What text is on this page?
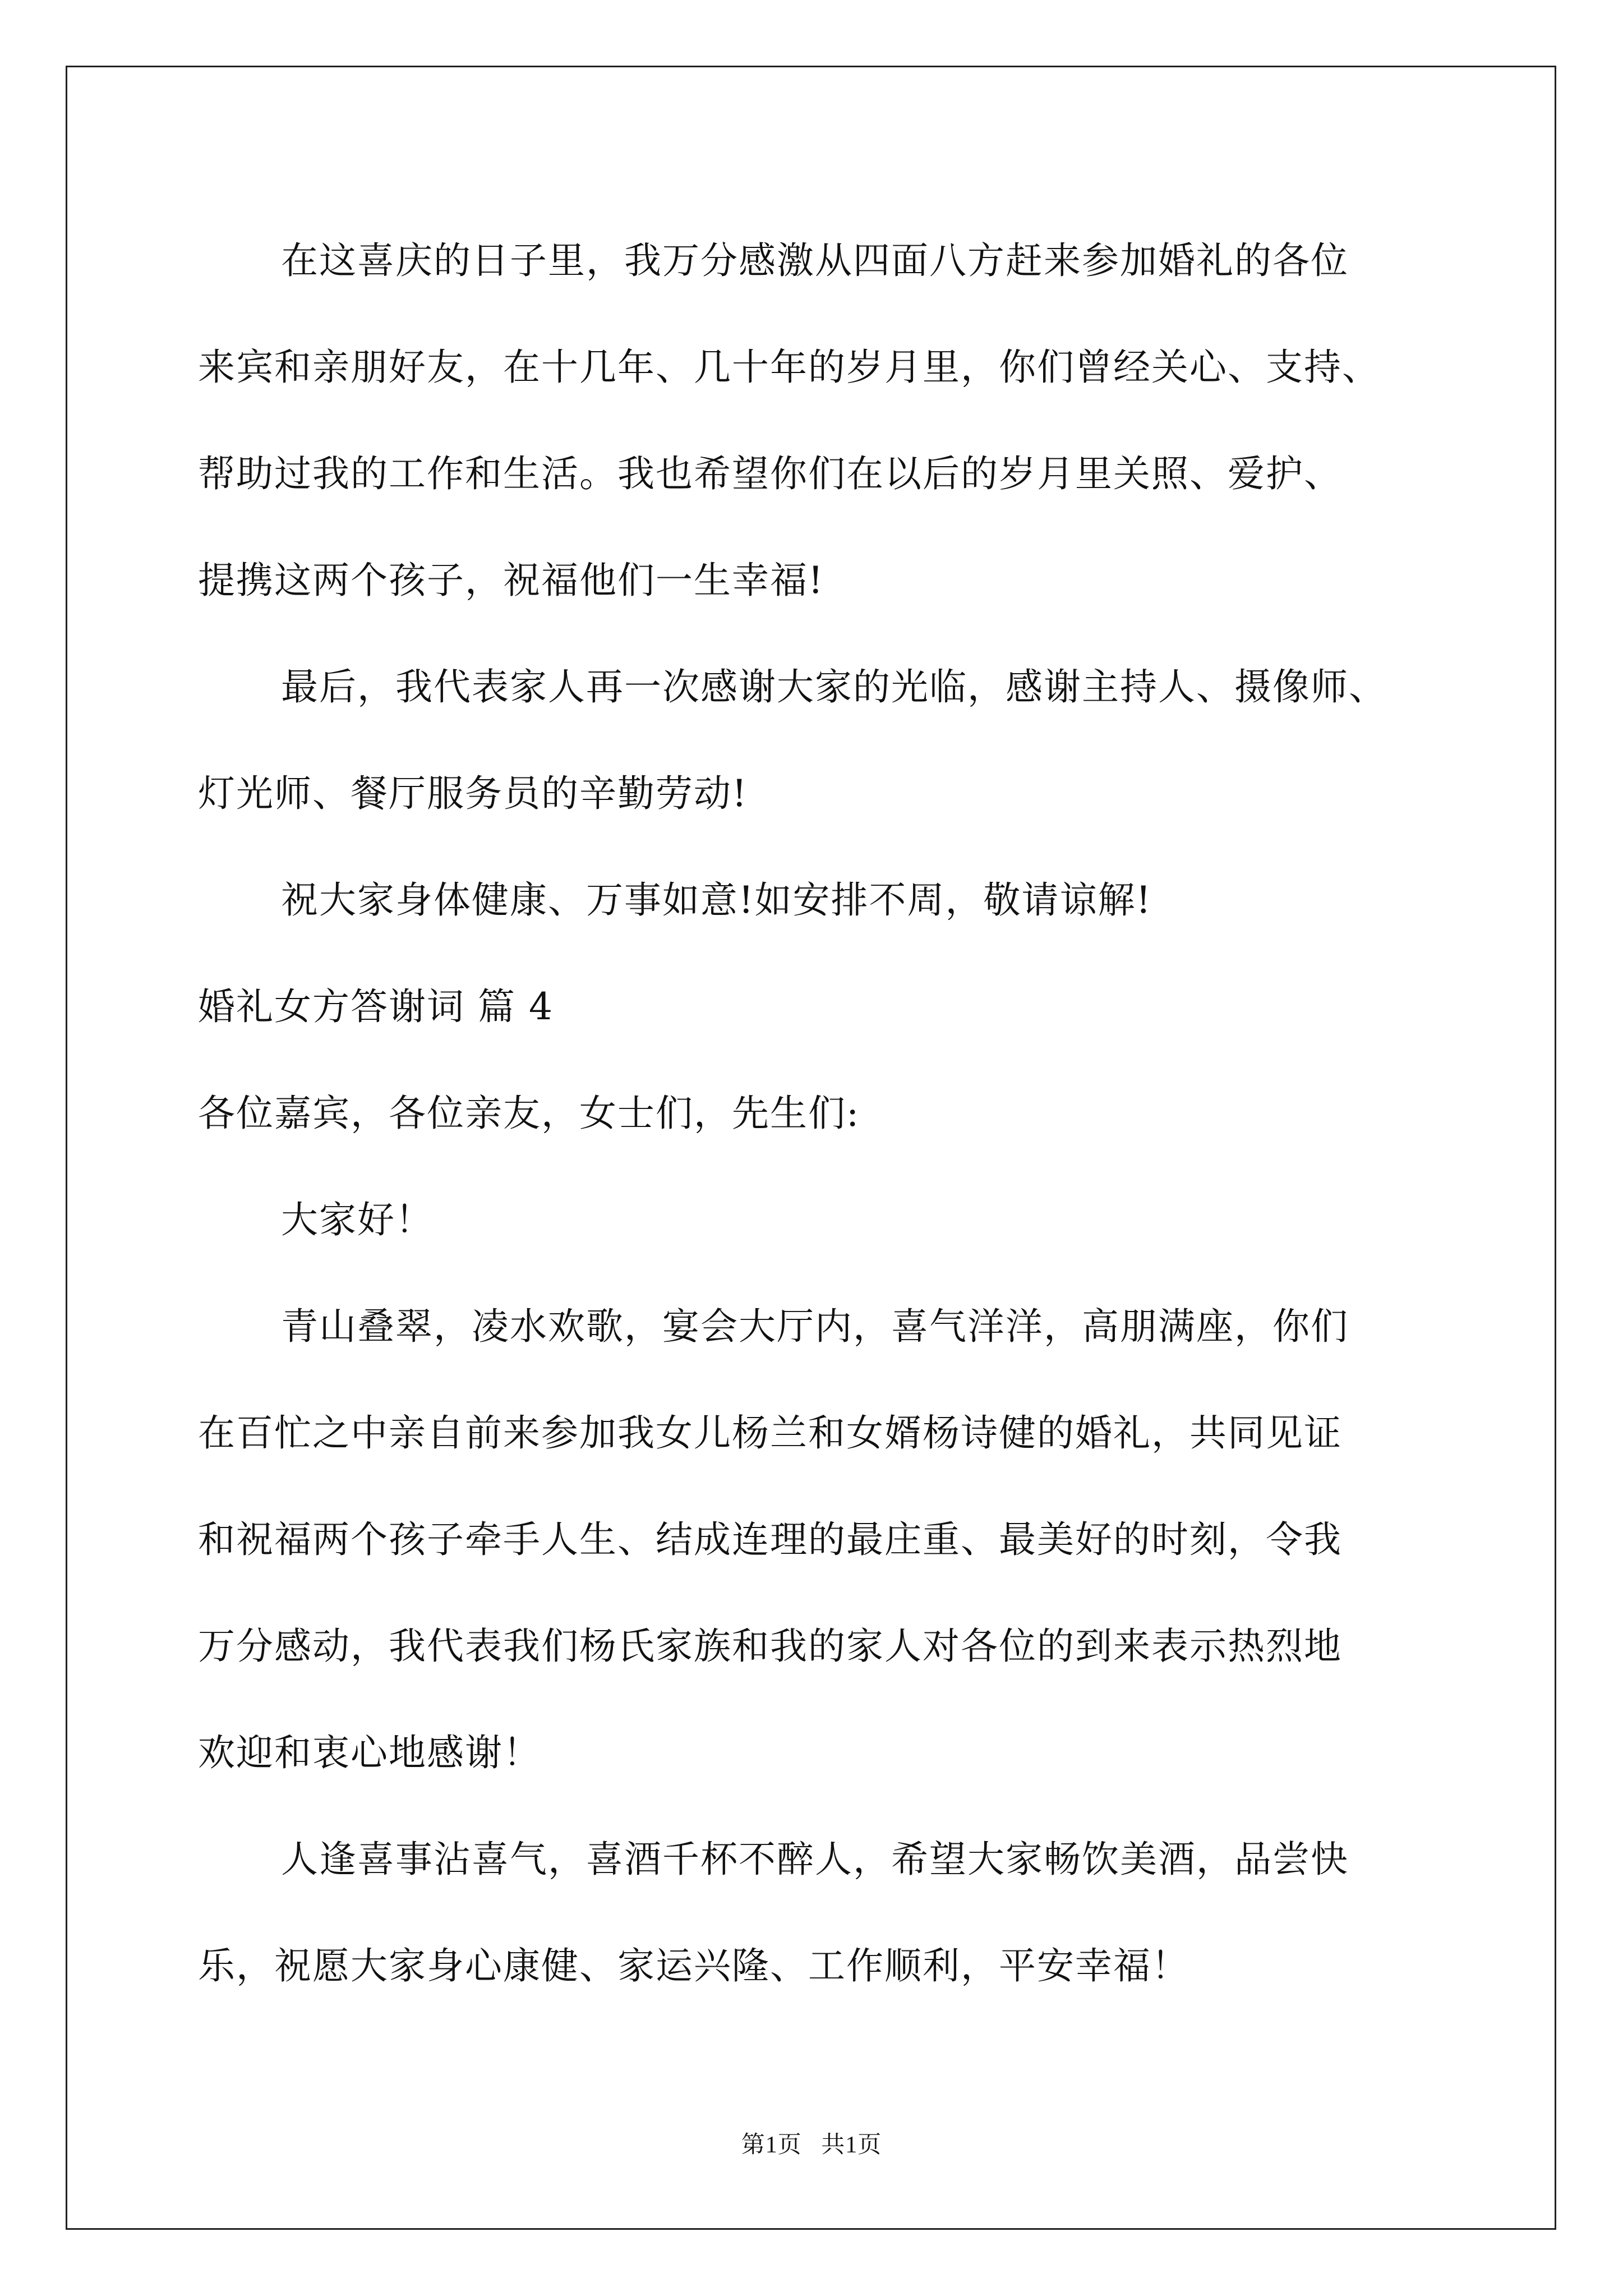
在这喜庆的日子里，我万分感激从四面八方赶来参加婚礼的各位
来宾和亲朋好友，在十几年、几十年的岁月里，你们曾经关心、支持、
帮助过我的工作和生活。我也希望你们在以后的岁月里关照、爱护、
提携这两个孩子，祝福他们一生幸福!
最后，我代表家人再一次感谢大家的光临，感谢主持人、摄像师、
灯光师、餐厅服务员的辛勤劳动!
祝大家身体健康、万事如意!如安排不周，敬请谅解!
婚礼女方答谢词 篇 4
各位嘉宾，各位亲友，女士们，先生们:
大家好！
青山叠翠，凌水欢歌，宴会大厅内，喜气洋洋，高朋满座，你们
在百忙之中亲自前来参加我女儿杨兰和女婿杨诗健的婚礼，共同见证
和祝福两个孩子牵手人生、结成连理的最庄重、最美好的时刻，令我
万分感动，我代表我们杨氏家族和我的家人对各位的到来表示热烈地
欢迎和衷心地感谢！
人逢喜事沾喜气，喜酒千杯不醉人，希望大家畅饮美酒，品尝快
乐，祝愿大家身心康健、家运兴隆、工作顺利，平安幸福！
第1页   共1页
